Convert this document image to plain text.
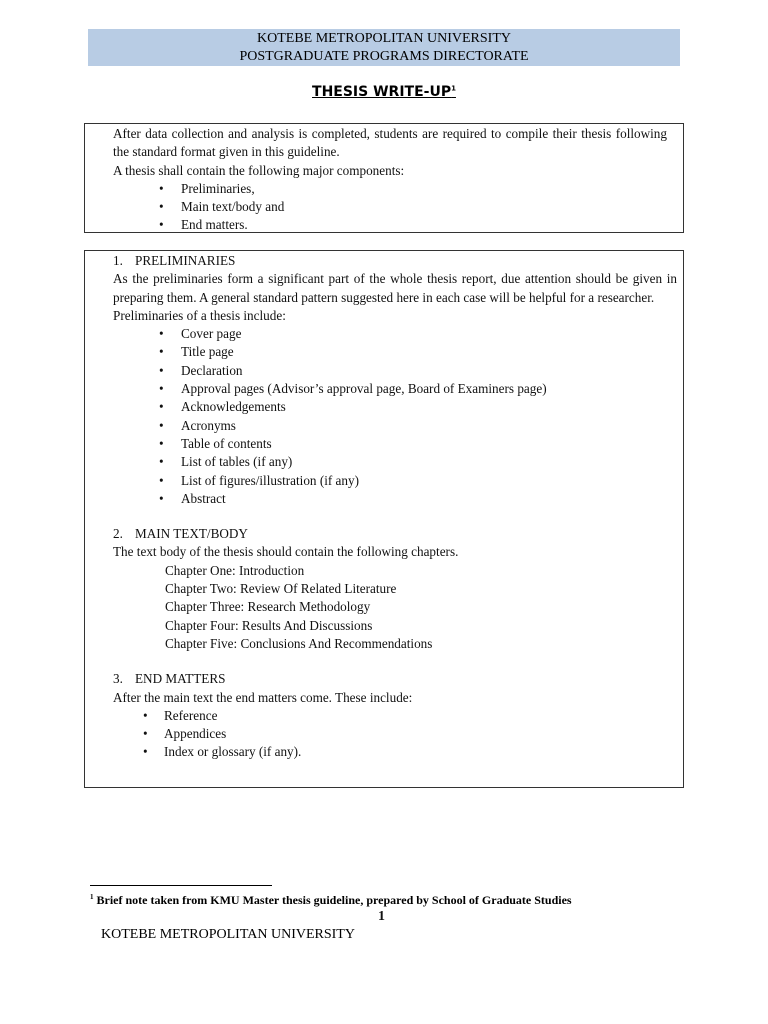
KOTEBE METROPOLITAN UNIVERSITY
POSTGRADUATE PROGRAMS DIRECTORATE
THESIS WRITE-$UP^1$

After data collection and analysis is completed, students are required to compile their thesis following the standard format given in this guideline.

A thesis shall contain the following major components:

• Preliminaries,
• Main text/body and
• End matters.
1. PRELIMINARIES

As the preliminaries form a significant part of the whole thesis report, due attention should be given in preparing them. A general standard pattern suggested here in each case will be helpful for a researcher.

Preliminaries of a thesis include:

• Cover page
• Title page
• Declaration
• Approval pages (Advisor’s approval page, Board of Examiners page)
• Acknowledgements
• Acronyms
• Table of contents
• List of tables (if any)
• List of figures/illustration (if any)
• Abstract
2. MAIN TEXT/BODY

The text body of the thesis should contain the following chapters.

Chapter One: Introduction
Chapter Two: Review Of Related Literature
Chapter Three: Research Methodology
Chapter Four: Results And Discussions
Chapter Five: Conclusions And Recommendations
3. END MATTERS

After the main text the end matters come. These include:

• Reference
• Appendices
• Index or glossary (if any).
$^1$ Brief note taken from KMU Master thesis guideline, prepared by School of Graduate Studies
1
KOTEBE METROPOLITAN UNIVERSITY
